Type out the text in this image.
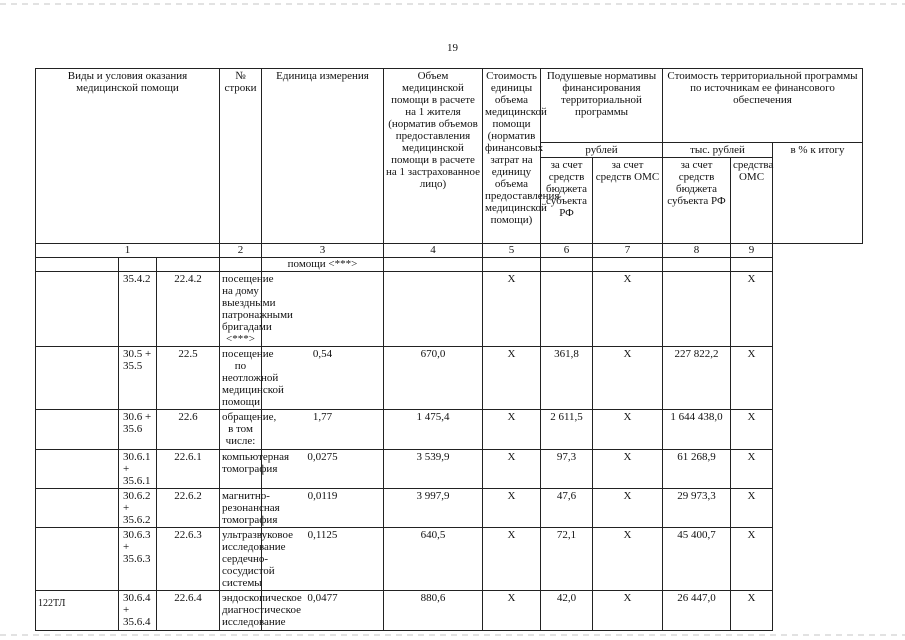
19
Виды и условия оказания медицинской помощи			№ строки	Единица измерения	Объем медицинской помощи в расчете на 1 жителя (норматив объемов предоставления медицинской помощи в расчете на 1 застрахованное лицо)	Стоимость единицы объема медицинской помощи (норматив финансовых затрат на единицу объема предоставления медицинской помощи)	Подушевые нормативы финансирования территориальной программы		Стоимость территориальной программы по источникам ее финансового обеспечения		
							рублей		тыс. рублей		в % к итогу
							за счет средств бюджета субъекта РФ	за счет средств ОМС	за счет средств бюджета субъекта РФ	средства ОМС	
1			2	3	4	5	6	7	8	9	
				помощи <***>							
	35.4.2	22.4.2	посещение на дому выездными патронажными бригадами <***>			X		X		X	
	30.5 + 35.5	22.5	посещение по неотложной медицинской помощи	0,54	670,0	X	361,8	X	227 822,2	X	
	30.6 + 35.6	22.6	обращение, в том числе:	1,77	1 475,4	X	2 611,5	X	1 644 438,0	X	
	30.6.1 + 35.6.1	22.6.1	компьютерная томография	0,0275	3 539,9	X	97,3	X	61 268,9	X	
	30.6.2 + 35.6.2	22.6.2	магнитно-резонансная томография	0,0119	3 997,9	X	47,6	X	29 973,3	X	
	30.6.3 + 35.6.3	22.6.3	ультразвуковое исследование сердечно-сосудистой системы	0,1125	640,5	X	72,1	X	45 400,7	X	
	30.6.4 + 35.6.4	22.6.4	эндоскопическое диагностическое исследование	0,0477	880,6	X	42,0	X	26 447,0	X	
122ТЛ
